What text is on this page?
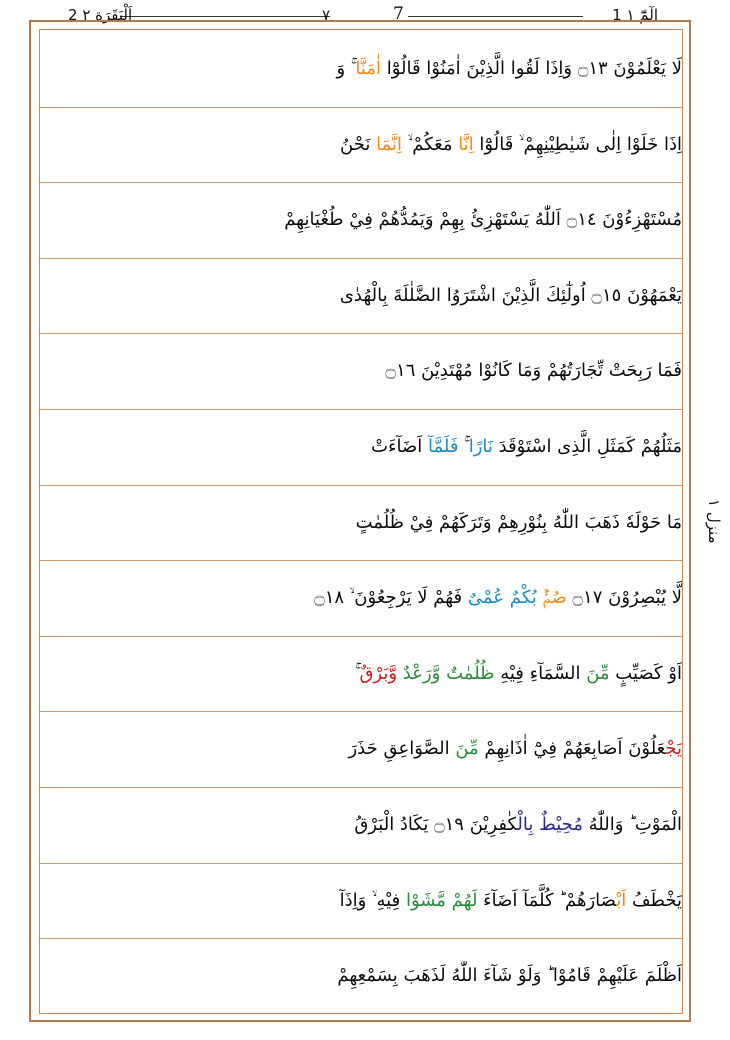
2 اَلْبَقَرَة ٢	٧	7	1 الٓمّٓ ١
منزل ١
لَا يَعْلَمُوْنَ ۝١٣ وَاِذَا لَقُوا الَّذِيْنَ اٰمَنُوْا قَالُوْٓا اٰمَنَّا ۚ وَ
اِذَا خَلَوْا اِلٰى شَيٰطِيْنِهِمْ ۙ قَالُوْٓا اِنَّا مَعَكُمْ ۙ اِنَّمَا نَحْنُ
مُسْتَهْزِءُوْنَ ۝١٤ اَللّٰهُ يَسْتَهْزِئُ بِهِمْ وَيَمُدُّهُمْ فِيْ طُغْيَانِهِمْ
يَعْمَهُوْنَ ۝١٥ اُولٰٓئِكَ الَّذِيْنَ اشْتَرَوُا الضَّلٰلَةَ بِالْهُدٰى
فَمَا رَبِحَتْ تِّجَارَتُهُمْ وَمَا كَانُوْا مُهْتَدِيْنَ ۝١٦
مَثَلُهُمْ كَمَثَلِ الَّذِى اسْتَوْقَدَ نَارًا ۚ فَلَمَّآ اَضَآءَتْ
مَا حَوْلَهٗ ذَهَبَ اللّٰهُ بِنُوْرِهِمْ وَتَرَكَهُمْ فِيْ ظُلُمٰتٍ
لَّا يُبْصِرُوْنَ ۝١٧ صُمٌّۢ بُكْمٌ عُمْىٌ فَهُمْ لَا يَرْجِعُوْنَ ۙ ۝١٨
اَوْ كَصَيِّبٍ مِّنَ السَّمَآءِ فِيْهِ ظُلُمٰتٌ وَّرَعْدٌ وَّبَرْقٌ ۚ
يَجْعَلُوْنَ اَصَابِعَهُمْ فِيْٓ اٰذَانِهِمْ مِّنَ الصَّوَاعِقِ حَذَرَ
الْمَوْتِ ؕ وَاللّٰهُ مُحِيْطٌ بِالْكٰفِرِيْنَ ۝١٩ يَكَادُ الْبَرْقُ
يَخْطَفُ اَبْصَارَهُمْ ؕ كُلَّمَآ اَضَآءَ لَهُمْ مَّشَوْا فِيْهِ ۙ وَاِذَآ
اَظْلَمَ عَلَيْهِمْ قَامُوْا ؕ وَلَوْ شَآءَ اللّٰهُ لَذَهَبَ بِسَمْعِهِمْ
